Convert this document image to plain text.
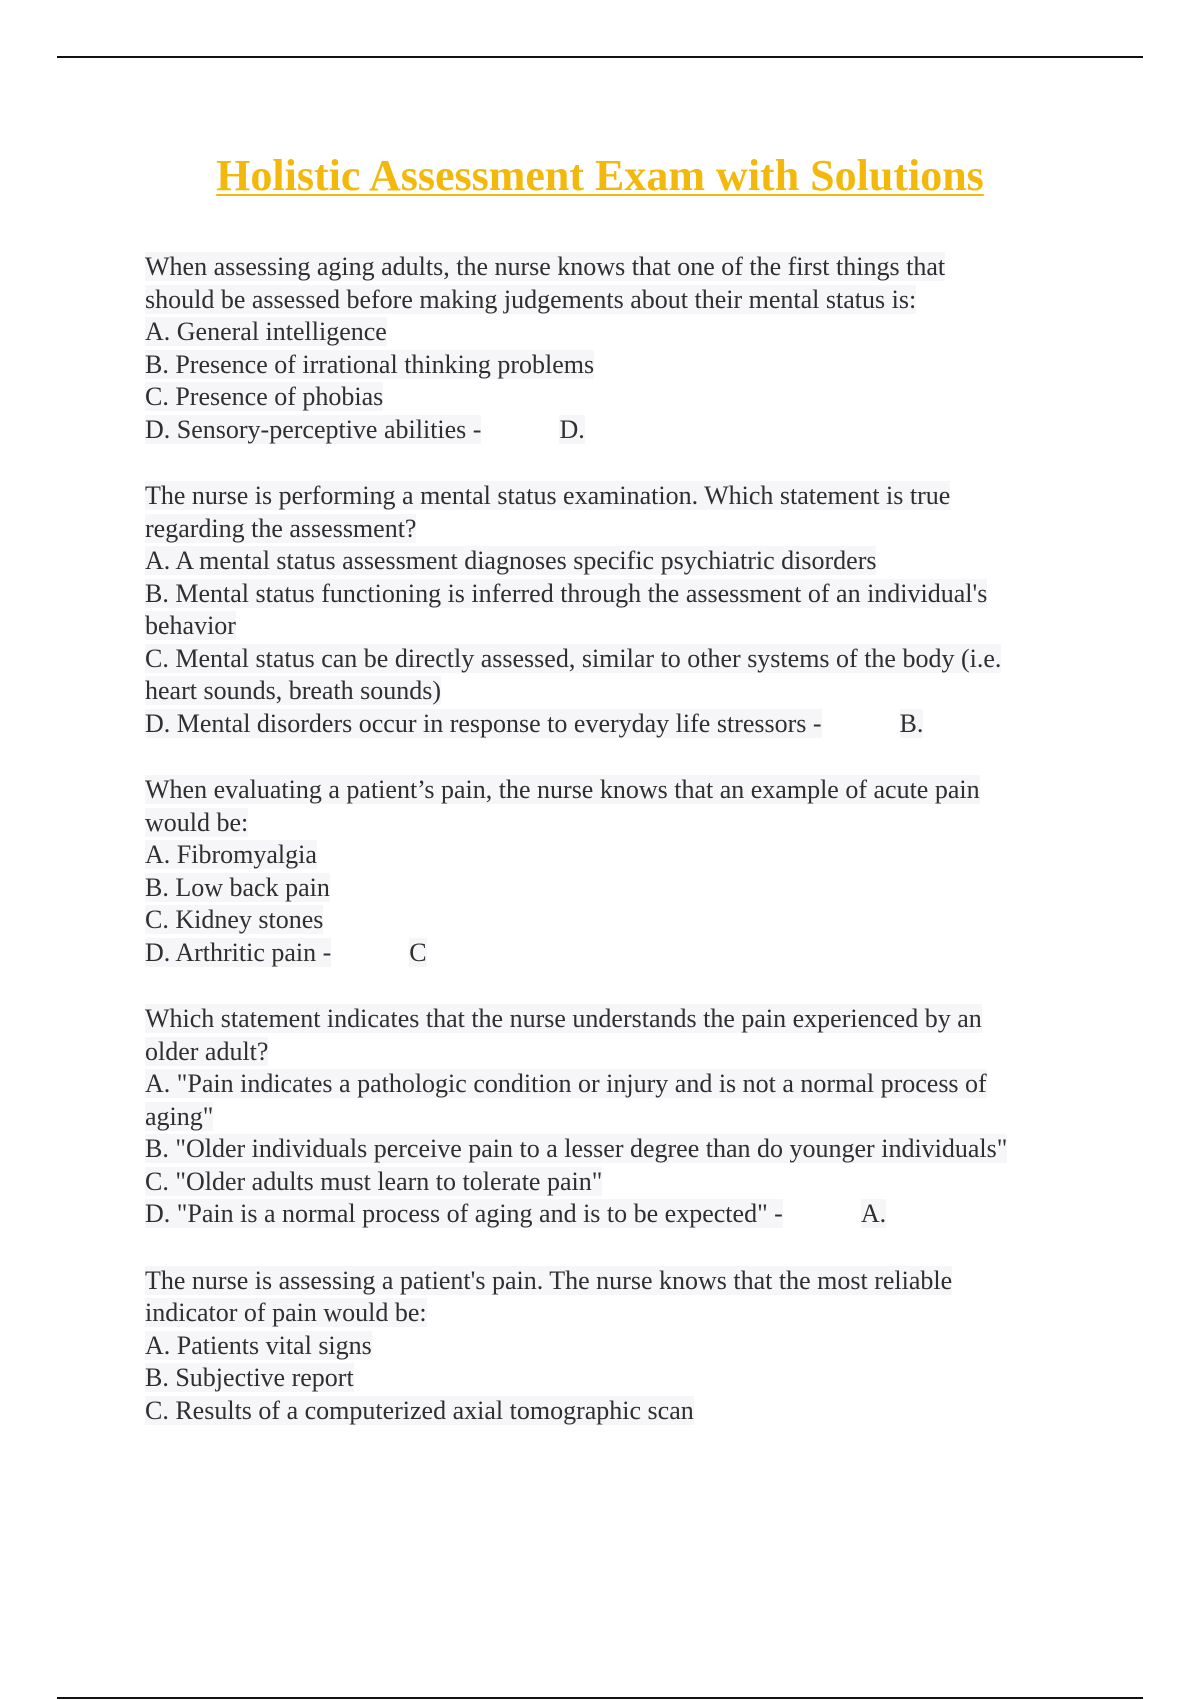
Holistic Assessment Exam with Solutions
When assessing aging adults, the nurse knows that one of the first things that
should be assessed before making judgements about their mental status is:
A. General intelligence
B. Presence of irrational thinking problems
C. Presence of phobias
D. Sensory-perceptive abilities -	D.
The nurse is performing a mental status examination. Which statement is true
regarding the assessment?
A. A mental status assessment diagnoses specific psychiatric disorders
B. Mental status functioning is inferred through the assessment of an individual's
behavior
C. Mental status can be directly assessed, similar to other systems of the body (i.e.
heart sounds, breath sounds)
D. Mental disorders occur in response to everyday life stressors -	B.
When evaluating a patient’s pain, the nurse knows that an example of acute pain
would be:
A. Fibromyalgia
B. Low back pain
C. Kidney stones
D. Arthritic pain -	C
Which statement indicates that the nurse understands the pain experienced by an
older adult?
A. "Pain indicates a pathologic condition or injury and is not a normal process of
aging"
B. "Older individuals perceive pain to a lesser degree than do younger individuals"
C. "Older adults must learn to tolerate pain"
D. "Pain is a normal process of aging and is to be expected" -	A.
The nurse is assessing a patient's pain. The nurse knows that the most reliable
indicator of pain would be:
A. Patients vital signs
B. Subjective report
C. Results of a computerized axial tomographic scan
